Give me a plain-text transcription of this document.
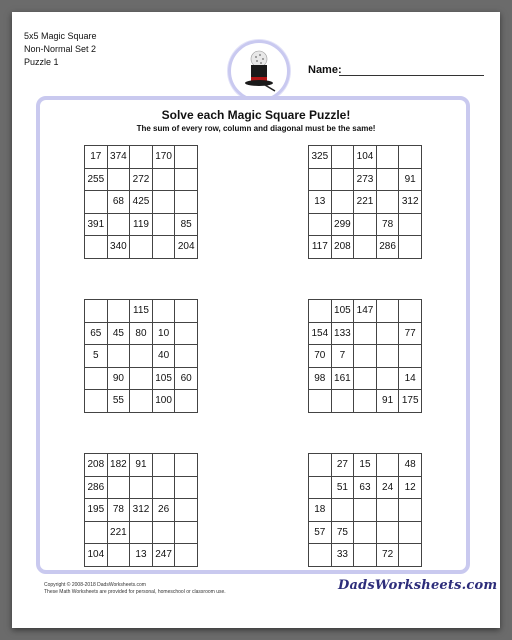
5x5 Magic Square
Non-Normal Set 2
Puzzle 1
Name:
Solve each Magic Square Puzzle!
The sum of every row, column and diagonal must be the same!
17	374		170	
255		272		
	68	425		
391		119		85
	340			204
325		104		
		273		91
13		221		312
	299		78	
117	208		286	
		115		
65	45	80	10	
5			40	
	90		105	60
	55		100	
	105	147		
154	133			77
70	7			
98	161			14
			91	175
208	182	91		
286				
195	78	312	26	
	221			
104		13	247	
	27	15		48
	51	63	24	12
18				
57	75			
	33		72	
Copyright © 2008-2018 DadsWorksheets.com
These Math Worksheets are provided for personal, homeschool or classroom use.	DadsWorksheets.com
